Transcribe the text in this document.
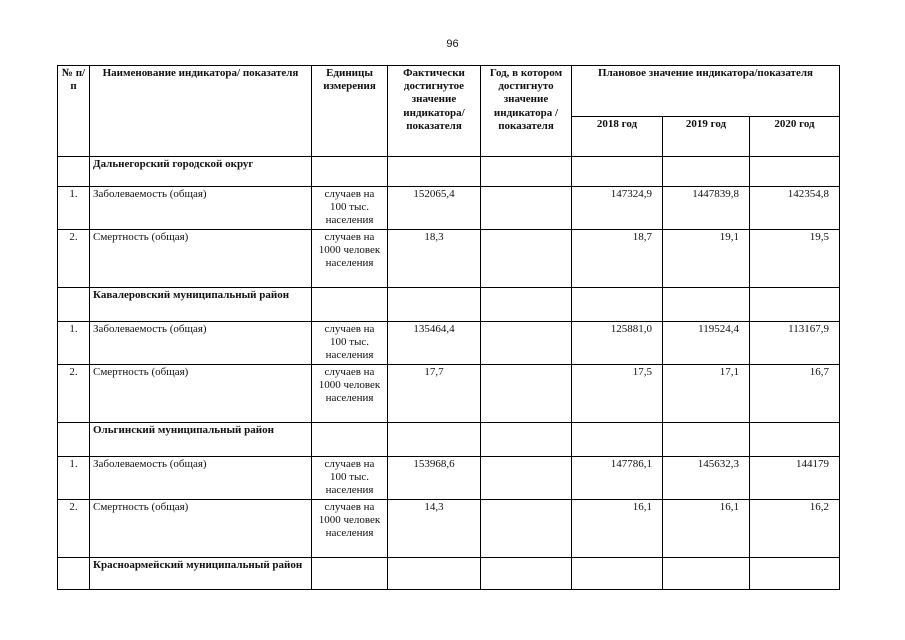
96
№ п/ п	Наименование индикатора/ показателя	Единицы измерения	Фактически достигнутое значение индикатора/ показателя	Год, в котором достигнуто значение индикатора /показателя	Плановое значение индикатора/показателя		
					2018 год	2019 год	2020 год
	Дальнегорский городской округ						
1.	Заболеваемость (общая)	случаев на 100 тыс. населения	152065,4		147324,9	1447839,8	142354,8
2.	Смертность (общая)	случаев на 1000 человек населения	18,3		18,7	19,1	19,5
	Кавалеровский муниципальный район						
1.	Заболеваемость (общая)	случаев на 100 тыс. населения	135464,4		125881,0	119524,4	113167,9
2.	Смертность (общая)	случаев на 1000 человек населения	17,7		17,5	17,1	16,7
	Ольгинский муниципальный район						
1.	Заболеваемость (общая)	случаев на 100 тыс. населения	153968,6		147786,1	145632,3	144179
2.	Смертность (общая)	случаев на 1000 человек населения	14,3		16,1	16,1	16,2
	Красноармейский муниципальный район						
